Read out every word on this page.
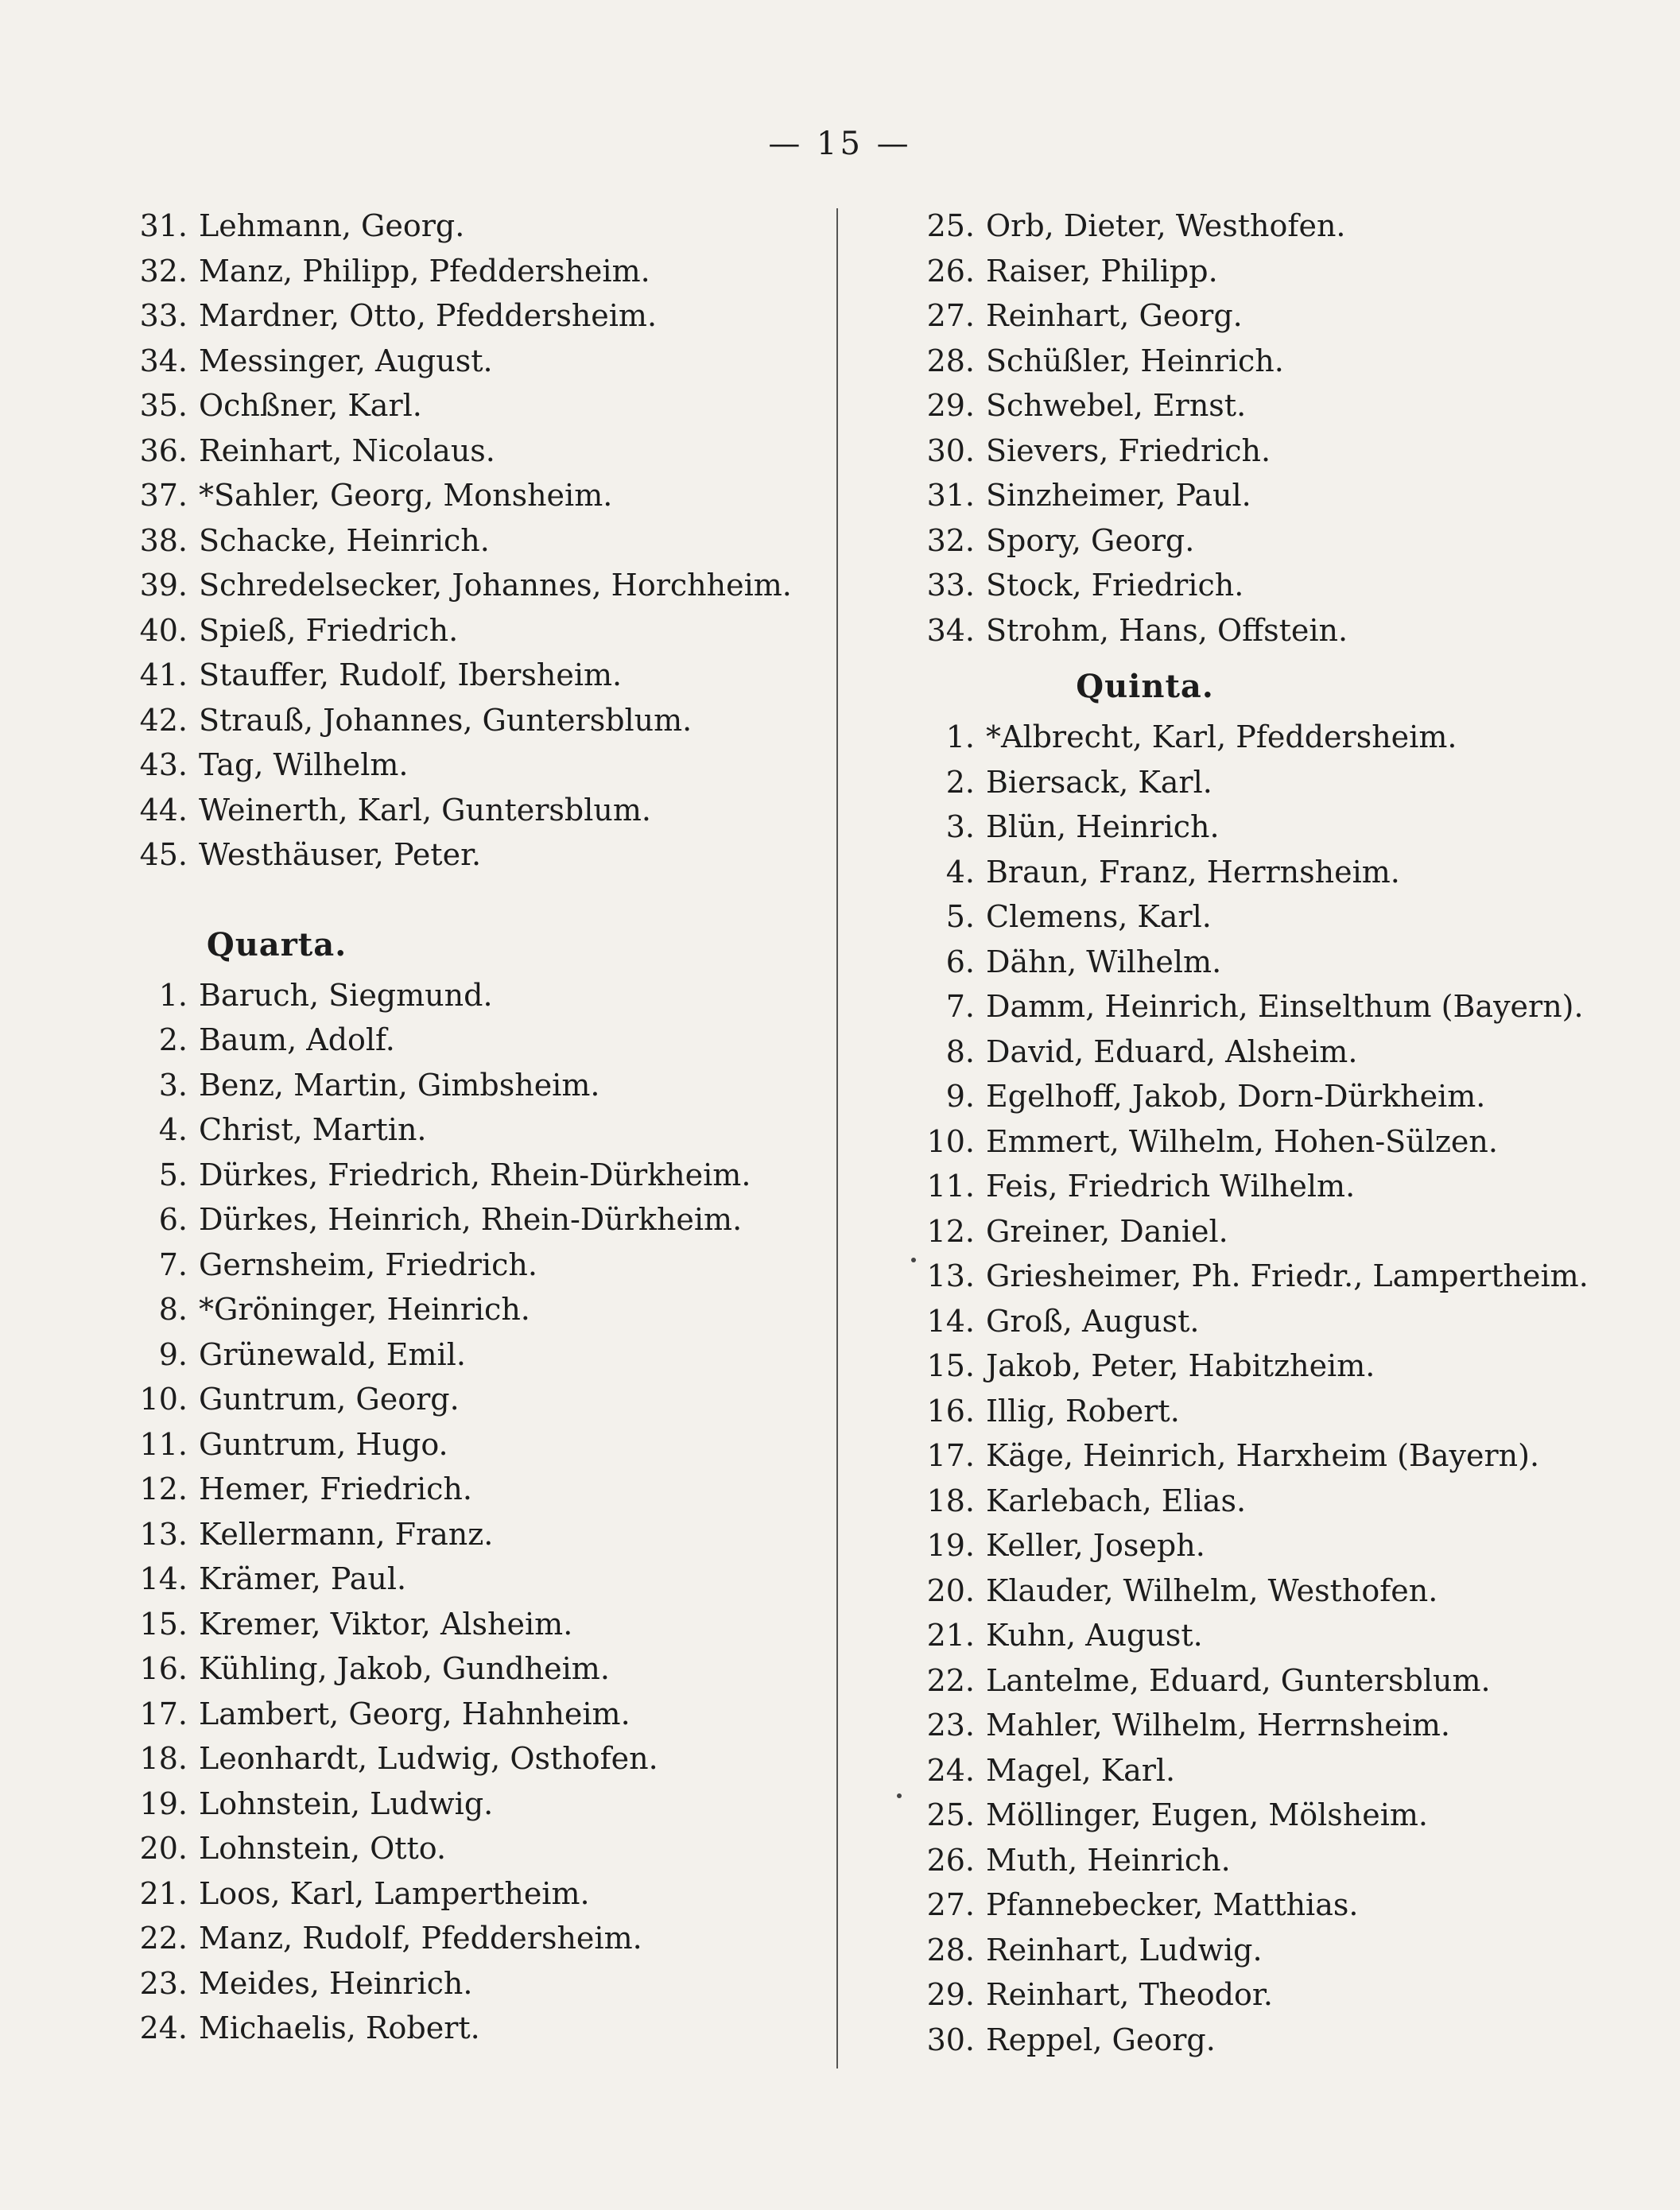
— 15 —
31. Lehmann, Georg.
32. Manz, Philipp, Pfeddersheim.
33. Mardner, Otto, Pfeddersheim.
34. Messinger, August.
35. Ochßner, Karl.
36. Reinhart, Nicolaus.
37. *Sahler, Georg, Monsheim.
38. Schacke, Heinrich.
39. Schredelsecker, Johannes, Horchheim.
40. Spieß, Friedrich.
41. Stauffer, Rudolf, Ibersheim.
42. Strauß, Johannes, Guntersblum.
43. Tag, Wilhelm.
44. Weinerth, Karl, Guntersblum.
45. Westhäuser, Peter.
Quarta.
1. Baruch, Siegmund.
2. Baum, Adolf.
3. Benz, Martin, Gimbsheim.
4. Christ, Martin.
5. Dürkes, Friedrich, Rhein-Dürkheim.
6. Dürkes, Heinrich, Rhein-Dürkheim.
7. Gernsheim, Friedrich.
8. *Gröninger, Heinrich.
9. Grünewald, Emil.
10. Guntrum, Georg.
11. Guntrum, Hugo.
12. Hemer, Friedrich.
13. Kellermann, Franz.
14. Krämer, Paul.
15. Kremer, Viktor, Alsheim.
16. Kühling, Jakob, Gundheim.
17. Lambert, Georg, Hahnheim.
18. Leonhardt, Ludwig, Osthofen.
19. Lohnstein, Ludwig.
20. Lohnstein, Otto.
21. Loos, Karl, Lampertheim.
22. Manz, Rudolf, Pfeddersheim.
23. Meides, Heinrich.
24. Michaelis, Robert.
25. Orb, Dieter, Westhofen.
26. Raiser, Philipp.
27. Reinhart, Georg.
28. Schüßler, Heinrich.
29. Schwebel, Ernst.
30. Sievers, Friedrich.
31. Sinzheimer, Paul.
32. Spory, Georg.
33. Stock, Friedrich.
34. Strohm, Hans, Offstein.
Quinta.
1. *Albrecht, Karl, Pfeddersheim.
2. Biersack, Karl.
3. Blün, Heinrich.
4. Braun, Franz, Herrnsheim.
5. Clemens, Karl.
6. Dähn, Wilhelm.
7. Damm, Heinrich, Einselthum (Bayern).
8. David, Eduard, Alsheim.
9. Egelhoff, Jakob, Dorn-Dürkheim.
10. Emmert, Wilhelm, Hohen-Sülzen.
11. Feis, Friedrich Wilhelm.
12. Greiner, Daniel.
13. Griesheimer, Ph. Friedr., Lampertheim.
14. Groß, August.
15. Jakob, Peter, Habitzheim.
16. Illig, Robert.
17. Käge, Heinrich, Harxheim (Bayern).
18. Karlebach, Elias.
19. Keller, Joseph.
20. Klauder, Wilhelm, Westhofen.
21. Kuhn, August.
22. Lantelme, Eduard, Guntersblum.
23. Mahler, Wilhelm, Herrnsheim.
24. Magel, Karl.
25. Möllinger, Eugen, Mölsheim.
26. Muth, Heinrich.
27. Pfannebecker, Matthias.
28. Reinhart, Ludwig.
29. Reinhart, Theodor.
30. Reppel, Georg.
